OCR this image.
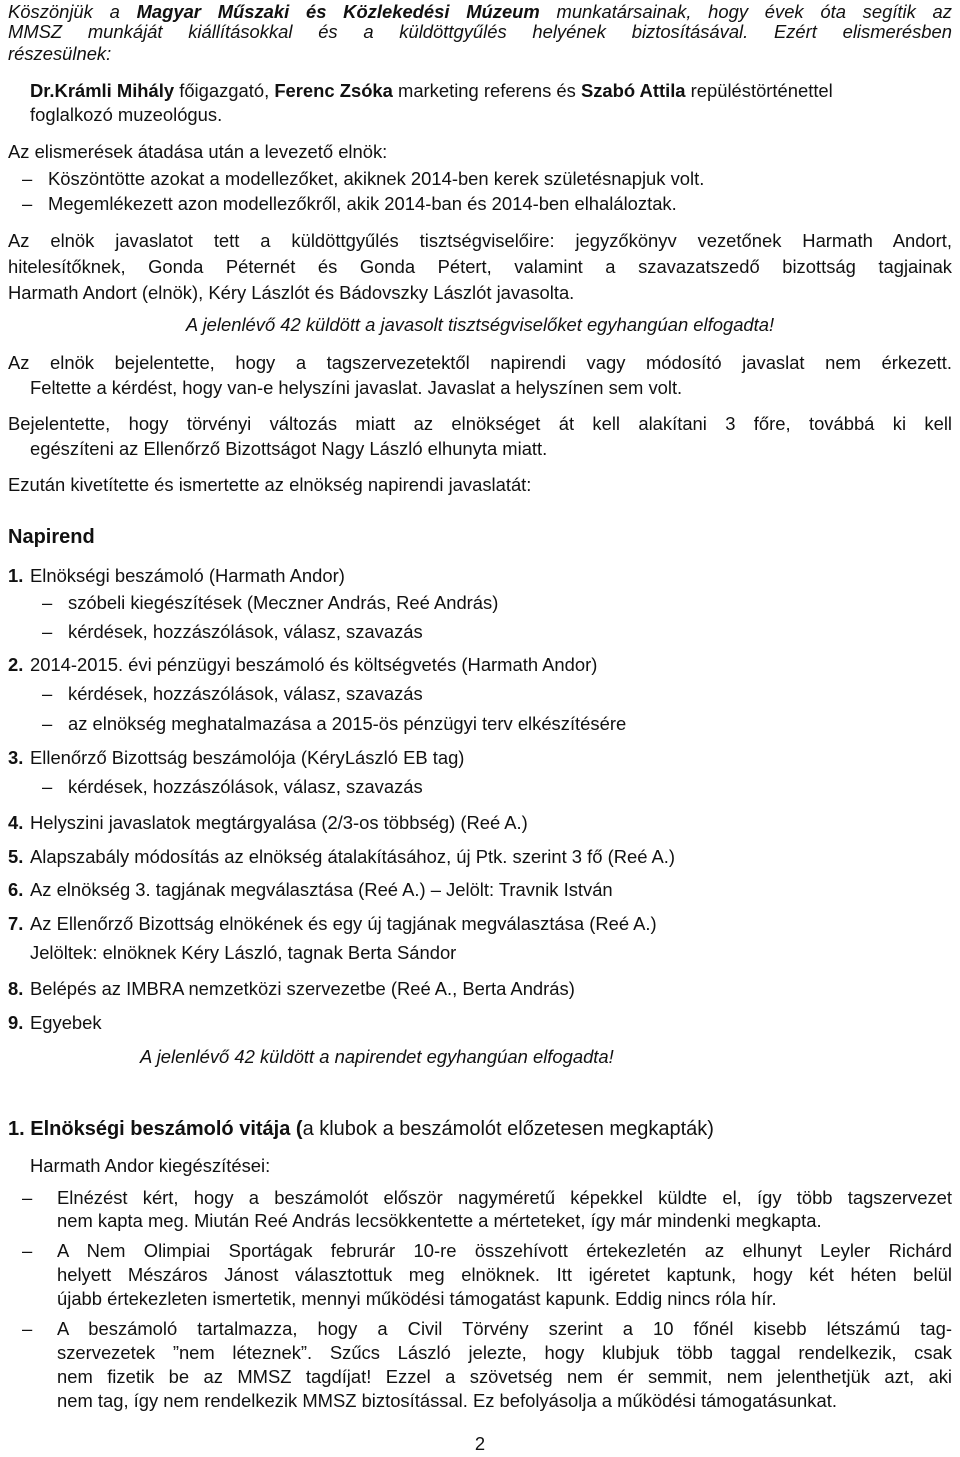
Köszönjük a Magyar Műszaki és Közlekedési Múzeum munkatársainak, hogy évek óta segítik az
MMSZ munkáját kiállításokkal és a küldöttgyűlés helyének biztosításával. Ezért elismerésben
részesülnek:
Dr.Krámli Mihály főigazgató, Ferenc Zsóka marketing referens és Szabó Attila repüléstörténettel
foglalkozó muzeológus.
Az elismerések átadása után a levezető elnök:
– Köszöntötte azokat a modellezőket, akiknek 2014-ben kerek születésnapjuk volt.
– Megemlékezett azon modellezőkről, akik 2014-ban és 2014-ben elhaláloztak.
Az elnök javaslatot tett a küldöttgyűlés tisztségviselőire: jegyzőkönyv vezetőnek Harmath Andort,
hitelesítőknek, Gonda Péternét és Gonda Pétert, valamint a szavazatszedő bizottság tagjainak
Harmath Andort (elnök), Kéry Lászlót és Bádovszky Lászlót javasolta.
A jelenlévő 42 küldött a javasolt tisztségviselőket egyhangúan elfogadta!
Az elnök bejelentette, hogy a tagszervezetektől napirendi vagy módosító javaslat nem érkezett.
Feltette a kérdést, hogy van-e helyszíni javaslat. Javaslat a helyszínen sem volt.
Bejelentette, hogy törvényi változás miatt az elnökséget át kell alakítani 3 főre, továbbá ki kell
egészíteni az Ellenőrző Bizottságot Nagy László elhunyta miatt.
Ezután kivetítette és ismertette az elnökség napirendi javaslatát:
Napirend
1. Elnökségi beszámoló (Harmath Andor)
– szóbeli kiegészítések (Meczner András, Reé András)
– kérdések, hozzászólások, válasz, szavazás
2. 2014-2015. évi pénzügyi beszámoló és költségvetés (Harmath Andor)
– kérdések, hozzászólások, válasz, szavazás
– az elnökség meghatalmazása a 2015-ös pénzügyi terv elkészítésére
3. Ellenőrző Bizottság beszámolója (KéryLászló EB tag)
– kérdések, hozzászólások, válasz, szavazás
4. Helyszini javaslatok megtárgyalása (2/3-os többség) (Reé A.)
5. Alapszabály módosítás az elnökség átalakításához, új Ptk. szerint 3 fő (Reé A.)
6. Az elnökség 3. tagjának megválasztása (Reé A.) – Jelölt: Travnik István
7. Az Ellenőrző Bizottság elnökének és egy új tagjának megválasztása (Reé A.)
Jelöltek: elnöknek Kéry László, tagnak Berta Sándor
8. Belépés az IMBRA nemzetközi szervezetbe (Reé A., Berta András)
9. Egyebek
A jelenlévő 42 küldött a napirendet egyhangúan elfogadta!
1. Elnökségi beszámoló vitája (a klubok a beszámolót előzetesen megkapták)
Harmath Andor kiegészítései:
– Elnézést kért, hogy a beszámolót először nagyméretű képekkel küldte el, így több tagszervezet
nem kapta meg. Miután Reé András lecsökkentette a mérteteket, így már mindenki megkapta.
– A Nem Olimpiai Sportágak februrár 10-re összehívott értekezletén az elhunyt Leyler Richárd
helyett Mészáros Jánost választottuk meg elnöknek. Itt igéretet kaptunk, hogy két héten belül
újabb értekezleten ismertetik, mennyi működési támogatást kapunk. Eddig nincs róla hír.
– A beszámoló tartalmazza, hogy a Civil Törvény szerint a 10 főnél kisebb létszámú tag-
szervezetek ”nem léteznek”. Szűcs László jelezte, hogy klubjuk több taggal rendelkezik, csak
nem fizetik be az MMSZ tagdíjat! Ezzel a szövetség nem ér semmit, nem jelenthetjük azt, aki
nem tag, így nem rendelkezik MMSZ biztosítással. Ez befolyásolja a működési támogatásunkat.
2
